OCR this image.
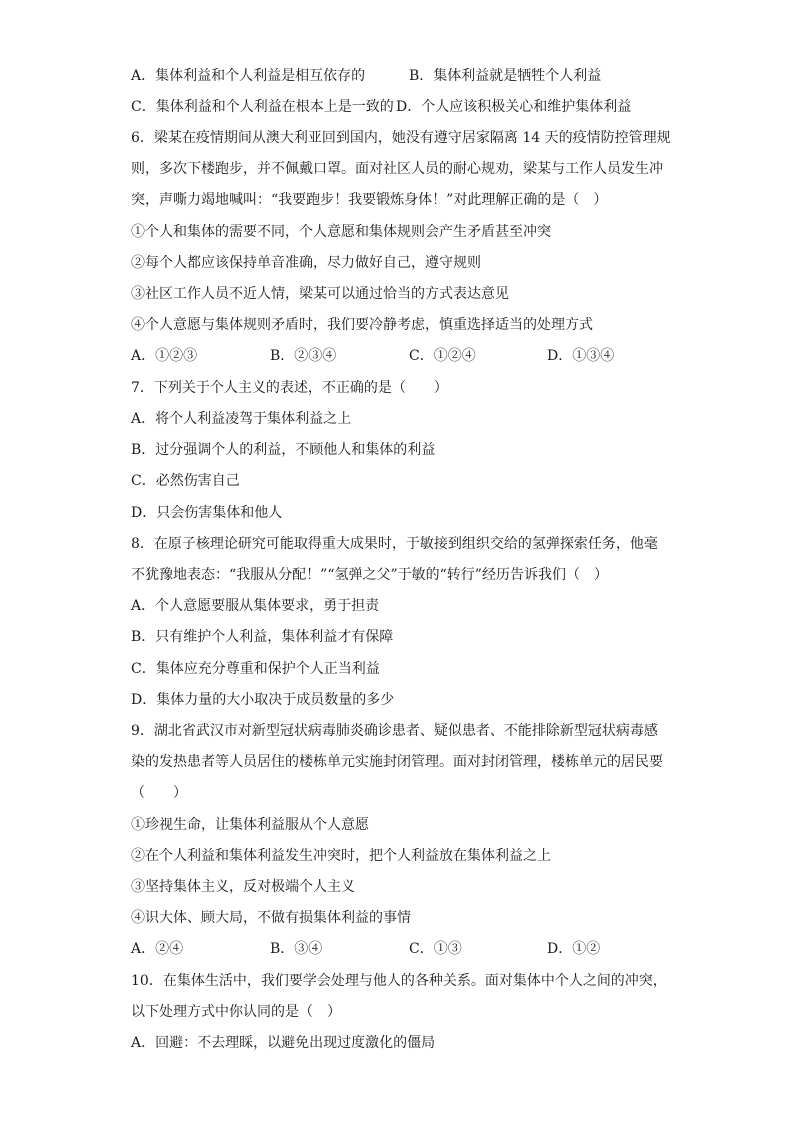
A．集体利益和个人利益是相互依存的	B．集体利益就是牺牲个人利益
C．集体利益和个人利益在根本上是一致的 D．个人应该积极关心和维护集体利益
6．梁某在疫情期间从澳大利亚回到国内，她没有遵守居家隔离 14 天的疫情防控管理规
则，多次下楼跑步，并不佩戴口罩。面对社区人员的耐心规劝，梁某与工作人员发生冲
突，声嘶力竭地喊叫：“我要跑步！我要锻炼身体！”对此理解正确的是（　）
①个人和集体的需要不同，个人意愿和集体规则会产生矛盾甚至冲突
②每个人都应该保持单音准确，尽力做好自己，遵守规则
③社区工作人员不近人情，梁某可以通过恰当的方式表达意见
④个人意愿与集体规则矛盾时，我们要冷静考虑，慎重选择适当的处理方式
A．①②③	B．②③④	C．①②④	D．①③④
7．下列关于个人主义的表述，不正确的是（　　）
A．将个人利益凌驾于集体利益之上
B．过分强调个人的利益，不顾他人和集体的利益
C．必然伤害自己
D．只会伤害集体和他人
8．在原子核理论研究可能取得重大成果时，于敏接到组织交给的氢弹探索任务，他毫
不犹豫地表态：“我服从分配！”“氢弹之父”于敏的“转行”经历告诉我们（　）
A．个人意愿要服从集体要求，勇于担责
B．只有维护个人利益，集体利益才有保障
C．集体应充分尊重和保护个人正当利益
D．集体力量的大小取决于成员数量的多少
9．湖北省武汉市对新型冠状病毒肺炎确诊患者、疑似患者、不能排除新型冠状病毒感
染的发热患者等人员居住的楼栋单元实施封闭管理。面对封闭管理，楼栋单元的居民要
（　　）
①珍视生命，让集体利益服从个人意愿
②在个人利益和集体利益发生冲突时，把个人利益放在集体利益之上
③坚持集体主义，反对极端个人主义
④识大体、顾大局，不做有损集体利益的事情
A．②④	B．③④	C．①③	D．①②
10．在集体生活中，我们要学会处理与他人的各种关系。面对集体中个人之间的冲突，
以下处理方式中你认同的是（　）
A．回避：不去理睬，以避免出现过度激化的僵局
